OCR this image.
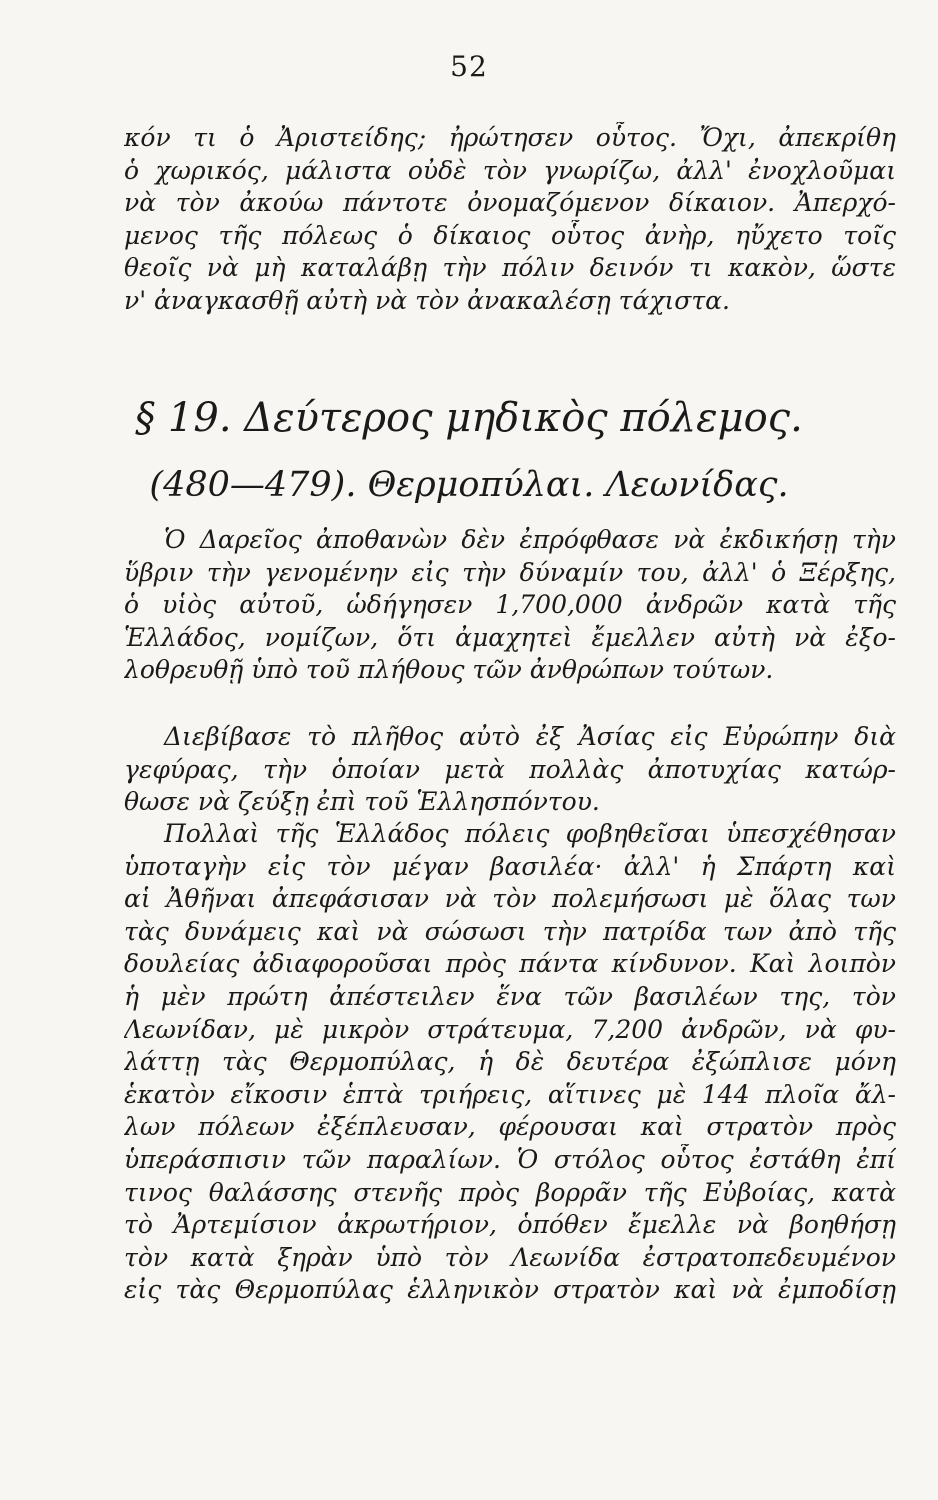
52
κόν τι ὁ Ἀριστείδης; ἠρώτησεν οὗτος. Ὄχι, ἀπεκρίθη
ὁ χωρικός, μάλιστα οὐδὲ τὸν γνωρίζω, ἀλλ' ἐνοχλοῦμαι
νὰ τὸν ἀκούω πάντοτε ὀνομαζόμενον δίκαιον. Ἀπερχό-
μενος τῆς πόλεως ὁ δίκαιος οὗτος ἀνὴρ, ηὔχετο τοῖς
θεοῖς νὰ μὴ καταλάβῃ τὴν πόλιν δεινόν τι κακὸν, ὥστε
ν' ἀναγκασθῇ αὐτὴ νὰ τὸν ἀνακαλέσῃ τάχιστα.
§ 19. Δεύτερος μηδικὸς πόλεμος.
(480—479). Θερμοπύλαι. Λεωνίδας.
Ὁ Δαρεῖος ἀποθανὼν δὲν ἐπρόφθασε νὰ ἐκδικήσῃ τὴν
ὕβριν τὴν γενομένην εἰς τὴν δύναμίν του, ἀλλ' ὁ Ξέρξης,
ὁ υἱὸς αὐτοῦ, ὡδήγησεν 1,700,000 ἀνδρῶν κατὰ τῆς
Ἑλλάδος, νομίζων, ὅτι ἀμαχητεὶ ἔμελλεν αὐτὴ νὰ ἐξο-
λοθρευθῇ ὑπὸ τοῦ πλήθους τῶν ἀνθρώπων τούτων.
Διεβίβασε τὸ πλῆθος αὐτὸ ἐξ Ἀσίας εἰς Εὐρώπην διὰ
γεφύρας, τὴν ὁποίαν μετὰ πολλὰς ἀποτυχίας κατώρ-
θωσε νὰ ζεύξῃ ἐπὶ τοῦ Ἑλλησπόντου.
Πολλαὶ τῆς Ἑλλάδος πόλεις φοβηθεῖσαι ὑπεσχέθησαν
ὑποταγὴν εἰς τὸν μέγαν βασιλέα· ἀλλ' ἡ Σπάρτη καὶ
αἱ Ἀθῆναι ἀπεφάσισαν νὰ τὸν πολεμήσωσι μὲ ὅλας των
τὰς δυνάμεις καὶ νὰ σώσωσι τὴν πατρίδα των ἀπὸ τῆς
δουλείας ἀδιαφοροῦσαι πρὸς πάντα κίνδυνον. Καὶ λοιπὸν
ἡ μὲν πρώτη ἀπέστειλεν ἕνα τῶν βασιλέων της, τὸν
Λεωνίδαν, μὲ μικρὸν στράτευμα, 7,200 ἀνδρῶν, νὰ φυ-
λάττῃ τὰς Θερμοπύλας, ἡ δὲ δευτέρα ἐξώπλισε μόνη
ἑκατὸν εἴκοσιν ἑπτὰ τριήρεις, αἵτινες μὲ 144 πλοῖα ἄλ-
λων πόλεων ἐξέπλευσαν, φέρουσαι καὶ στρατὸν πρὸς
ὑπεράσπισιν τῶν παραλίων. Ὁ στόλος οὗτος ἐστάθη ἐπί
τινος θαλάσσης στενῆς πρὸς βορρᾶν τῆς Εὐβοίας, κατὰ
τὸ Ἀρτεμίσιον ἀκρωτήριον, ὁπόθεν ἔμελλε νὰ βοηθήσῃ
τὸν κατὰ ξηρὰν ὑπὸ τὸν Λεωνίδα ἐστρατοπεδευμένον
εἰς τὰς Θερμοπύλας ἑλληνικὸν στρατὸν καὶ νὰ ἐμποδίσῃ
